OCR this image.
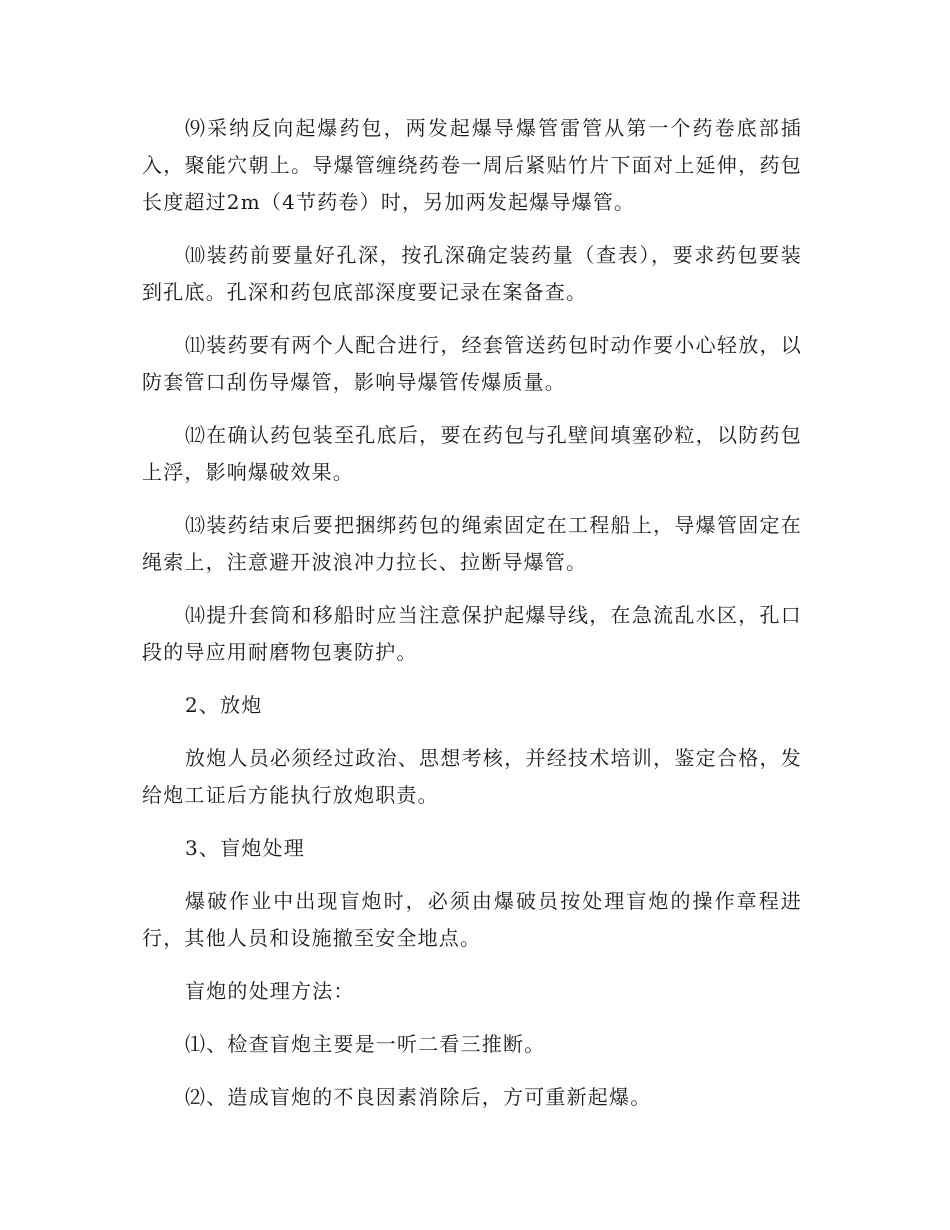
⑼采纳反向起爆药包，两发起爆导爆管雷管从第一个药卷底部插入，聚能穴朝上。导爆管缠绕药卷一周后紧贴竹片下面对上延伸，药包长度超过2m（4节药卷）时，另加两发起爆导爆管。

⑽装药前要量好孔深，按孔深确定装药量（查表），要求药包要装到孔底。孔深和药包底部深度要记录在案备查。

⑾装药要有两个人配合进行，经套管送药包时动作要小心轻放，以防套管口刮伤导爆管，影响导爆管传爆质量。

⑿在确认药包装至孔底后，要在药包与孔壁间填塞砂粒，以防药包上浮，影响爆破效果。

⒀装药结束后要把捆绑药包的绳索固定在工程船上，导爆管固定在绳索上，注意避开波浪冲力拉长、拉断导爆管。

⒁提升套筒和移船时应当注意保护起爆导线，在急流乱水区，孔口段的导应用耐磨物包裹防护。

2、放炮

放炮人员必须经过政治、思想考核，并经技术培训，鉴定合格，发给炮工证后方能执行放炮职责。

3、盲炮处理

爆破作业中出现盲炮时，必须由爆破员按处理盲炮的操作章程进行，其他人员和设施撤至安全地点。

盲炮的处理方法：

⑴、检查盲炮主要是一听二看三推断。

⑵、造成盲炮的不良因素消除后，方可重新起爆。
